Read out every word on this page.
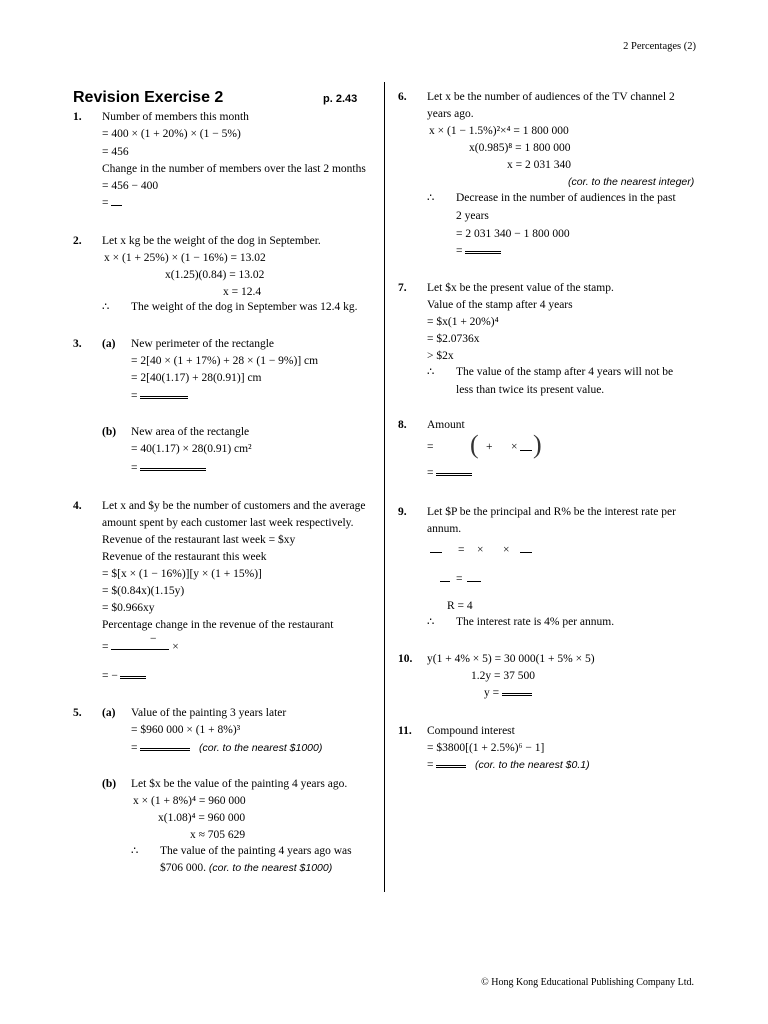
2 Percentages (2)
Revision Exercise 2	p. 2.43
1. Number of members this month
= 400 × (1 + 20%) × (1 − 5%)
= 456
Change in the number of members over the last 2 months
= 456 − 400
=
2. Let x kg be the weight of the dog in September.
x × (1 + 25%) × (1 − 16%) = 13.02
x(1.25)(0.84) = 13.02
x = 12.4
∴ The weight of the dog in September was 12.4 kg.
3. (a) New perimeter of the rectangle
= 2[40 × (1 + 17%) + 28 × (1 − 9%)] cm
= 2[40(1.17) + 28(0.91)] cm
=
(b) New area of the rectangle
= 40(1.17) × 28(0.91) cm²
=
4. Let x and $y be the number of customers and the average
amount spent by each customer last week respectively.
Revenue of the restaurant last week = $xy
Revenue of the restaurant this week
= $[x × (1 − 16%)][y × (1 + 15%)]
= $(0.84x)(1.15y)
= $0.966xy
Percentage change in the revenue of the restaurant
−
=	×
= −
5. (a) Value of the painting 3 years later
= $960 000 × (1 + 8%)³
=	(cor. to the nearest $1000)
(b) Let $x be the value of the painting 4 years ago.
x × (1 + 8%)⁴ = 960 000
x(1.08)⁴ = 960 000
x ≈ 705 629
∴ The value of the painting 4 years ago was
$706 000. (cor. to the nearest $1000)
6. Let x be the number of audiences of the TV channel 2
years ago.
x × (1 − 1.5%)²×⁴ = 1 800 000
x(0.985)⁸ = 1 800 000
x = 2 031 340
(cor. to the nearest integer)
∴ Decrease in the number of audiences in the past
2 years
= 2 031 340 − 1 800 000
=
7. Let $x be the present value of the stamp.
Value of the stamp after 4 years
= $x(1 + 20%)⁴
= $2.0736x
> $2x
∴ The value of the stamp after 4 years will not be
less than twice its present value.
8. Amount
= ( + × )
=
9. Let $P be the principal and R% be the interest rate per
annum.
= × ×
=
R = 4
∴ The interest rate is 4% per annum.
10. y(1 + 4% × 5) = 30 000(1 + 5% × 5)
1.2y = 37 500
y =
11. Compound interest
= $3800[(1 + 2.5%)⁶ − 1]
=	(cor. to the nearest $0.1)
© Hong Kong Educational Publishing Company Ltd.
